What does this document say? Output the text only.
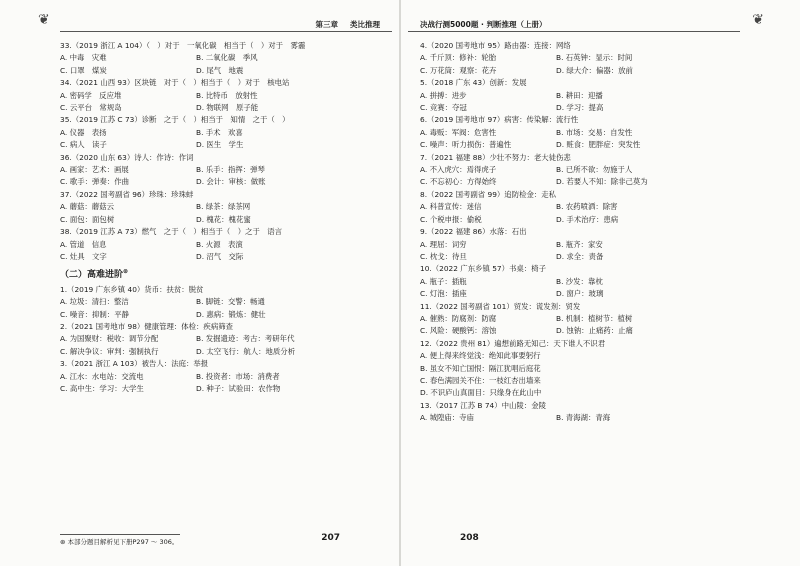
❦	第三章 类比推理
33.（2019 浙江 A 104）（　）对于　一氧化碳　相当于（　）对于　雾霾
A. 中毒　灾难	B. 二氧化碳　季风
C. 口罩　煤炭	D. 尾气　地震
34.（2021 山西 93）区块链　对于（　）相当于（　）对于　核电站
A. 密码学　反应堆	B. 比特币　放射性
C. 云平台　常规岛	D. 物联网　原子能
35.（2019 江苏 C 73）诊断　之于（　）相当于　知情　之于（　）
A. 仪器　表扬	B. 手术　欢喜
C. 病人　读子	D. 医生　学生
36.（2020 山东 63）诗人：作诗：作词
A. 画家：艺术：画展	B. 乐手：指挥：弹琴
C. 歌手：弹奏：作曲	D. 会计：审核：做账
37.（2022 国考副省 96）珍珠：珍珠蚌
A. 蘑菇：蘑菇云	B. 绿茶：绿茶网
C. 面包：面包树	D. 槐花：槐花蜜
38.（2019 江苏 A 73）燃气　之于（　）相当于（　）之于　语言
A. 管道　信息	B. 火源　表演
C. 灶具　文字	D. 沼气　交际
（二）高难进阶⊛
1.（2019 广东乡镇 40）货币：扶贫：脱贫
A. 垃圾：清扫：整洁	B. 脚链：交警：畅通
C. 噪音：抑制：平静	D. 惠病：锻炼：健壮
2.（2021 国考地市 98）健康管理：体检：疾病筛查
A. 为国聚财：税收：调节分配	B. 发掘遗迹：考古：考研年代
C. 解决争议：审判：强制执行	D. 太空飞行：航人：地质分析
3.（2021 浙江 A 103）被告人：法庭：举报
A. 江水：水电站：交流电	B. 投资者：市场：消费者
C. 高中生：学习：大学生	D. 种子：试验田：农作物
⊛ 本部分题目解析见下册P297 ～ 306。	207
❦
决战行测5000题 · 判断推理（上册）
4.（2020 国考地市 95）路由器：连接：网络
A. 千斤顶：修补：轮胎	B. 石英钟：显示：时间
C. 万花筒：观察：花卉	D. 绿大介：偏器：放前
5.（2018 广东 43）创新：发展
A. 拼搏：进步	B. 耕田：迎播
C. 竞赛：夺冠	D. 学习：提高
6.（2019 国考地市 97）病害：传染解：流行性
A. 毒贩：军阀：危害性	B. 市场：交易：自发性
C. 噪声：听力损伤：普遍性	D. 赃食：肥胖症：突发性
7.（2021 福建 88）少壮不努力：老大徒伤悲
A. 不入虎穴：焉得虎子	B. 已所不欲：勿施于人
C. 不忘初心：方得始终	D. 若要人不知：除非己莫为
8.（2022 国考副省 99）追防检金：走私
A. 科普宣传：迷信	B. 农药喷洒：除害
C. 个税申报：偷税	D. 手术治疗：患病
9.（2022 福建 86）水落：石出
A. 理屈：词穷	B. 瓶齐：家安
C. 枕戈：待旦	D. 求全：责备
10.（2022 广东乡镇 57）书桌：椅子
A. 瓶子：插瓶	B. 沙发：靠枕
C. 灯泡：插座	D. 窗户：玻璃
11.（2022 国考副省 101）贸发：谎发剂：贸发
A. 催熟：防腐剂：防腐	B. 机制：植树节：植树
C. 风险：硬酸钙：溶蚀	D. 蚀钠：止痛药：止痛
12.（2022 贵州 81）遍想前路无知己：天下谁人不识君
A. 便上得来终觉浅：绝知此事要躬行
B. 虽女不知亡国恨：隔江犹唱后庭花
C. 春色满园关不住：一枝红杏出墙来
D. 不识庐山真面目：只缘身在此山中
13.（2017 江苏 B 74）中山陵：金陵
A. 城隍庙：寺庙	B. 青海湖：青海
208
